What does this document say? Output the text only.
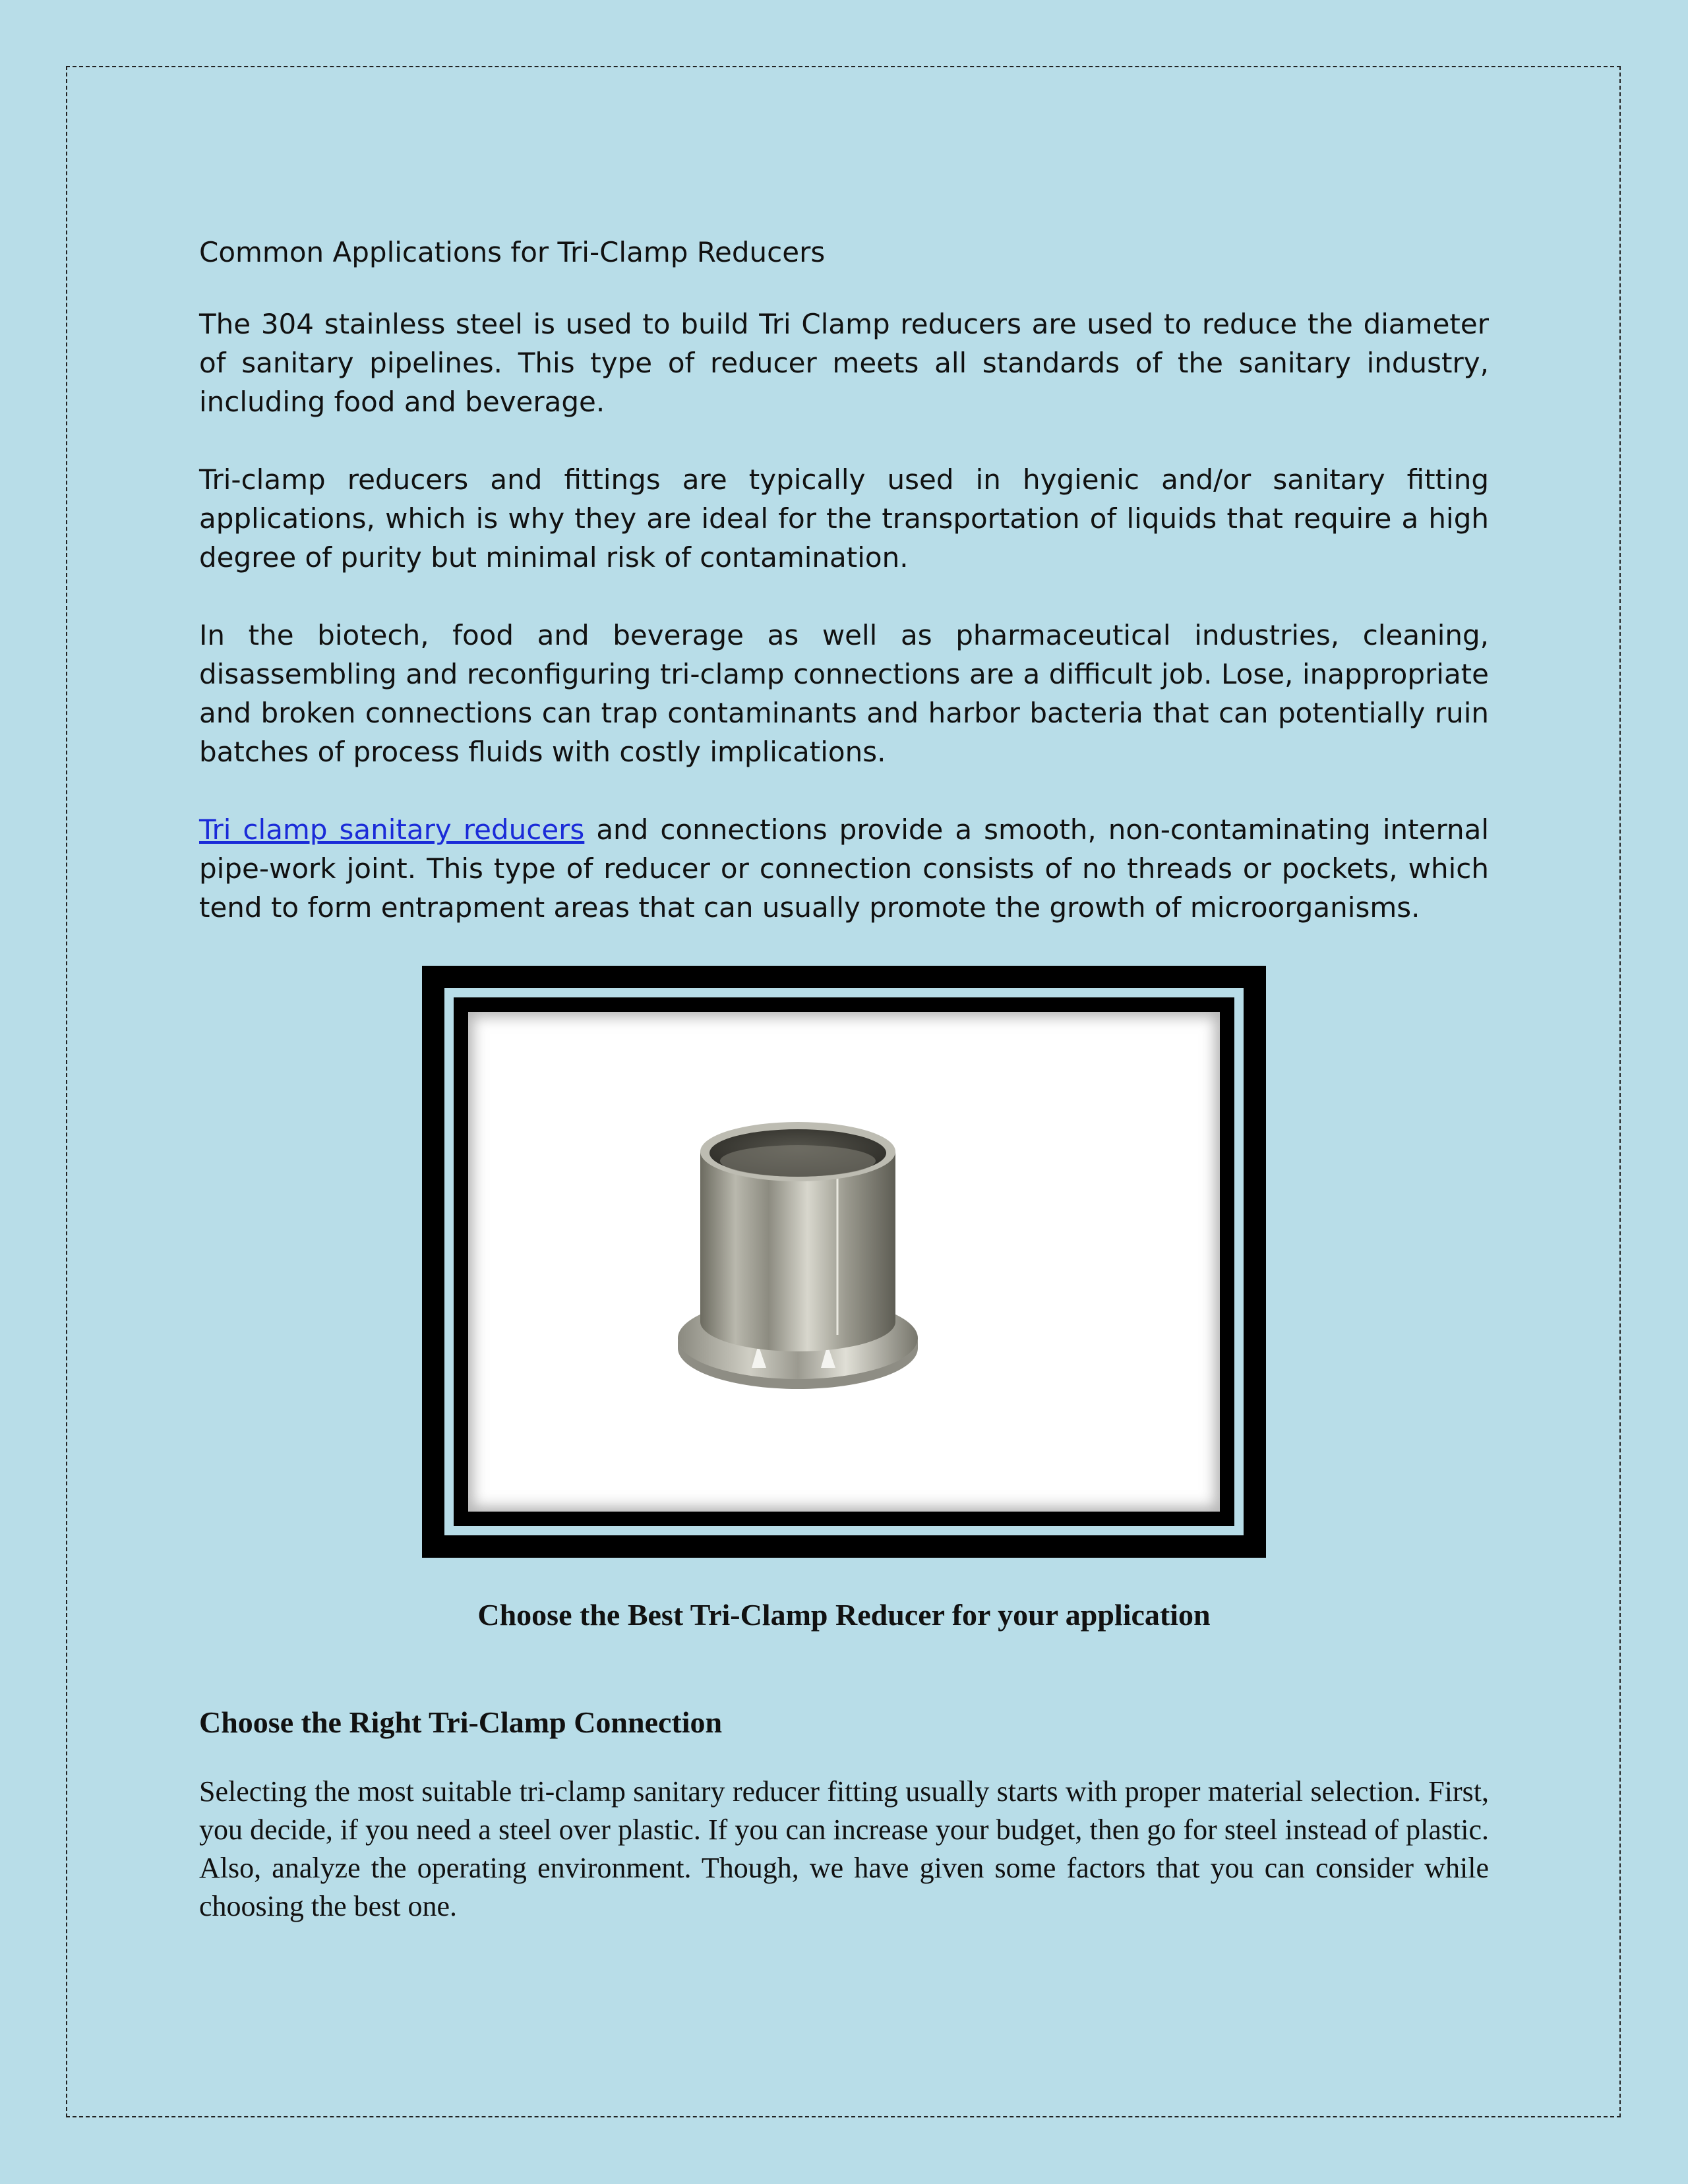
Common Applications for Tri-Clamp Reducers

The 304 stainless steel is used to build Tri Clamp reducers are used to reduce the diameter of sanitary pipelines. This type of reducer meets all standards of the sanitary industry, including food and beverage.

Tri-clamp reducers and fittings are typically used in hygienic and/or sanitary fitting applications, which is why they are ideal for the transportation of liquids that require a high degree of purity but minimal risk of contamination.

In the biotech, food and beverage as well as pharmaceutical industries, cleaning, disassembling and reconfiguring tri-clamp connections are a difficult job. Lose, inappropriate and broken connections can trap contaminants and harbor bacteria that can potentially ruin batches of process fluids with costly implications.

Tri clamp sanitary reducers and connections provide a smooth, non-contaminating internal pipe-work joint. This type of reducer or connection consists of no threads or pockets, which tend to form entrapment areas that can usually promote the growth of microorganisms.

Choose the Best Tri-Clamp Reducer for your application

Choose the Right Tri-Clamp Connection

Selecting the most suitable tri-clamp sanitary reducer fitting usually starts with proper material selection. First, you decide, if you need a steel over plastic. If you can increase your budget, then go for steel instead of plastic. Also, analyze the operating environment. Though, we have given some factors that you can consider while choosing the best one.
